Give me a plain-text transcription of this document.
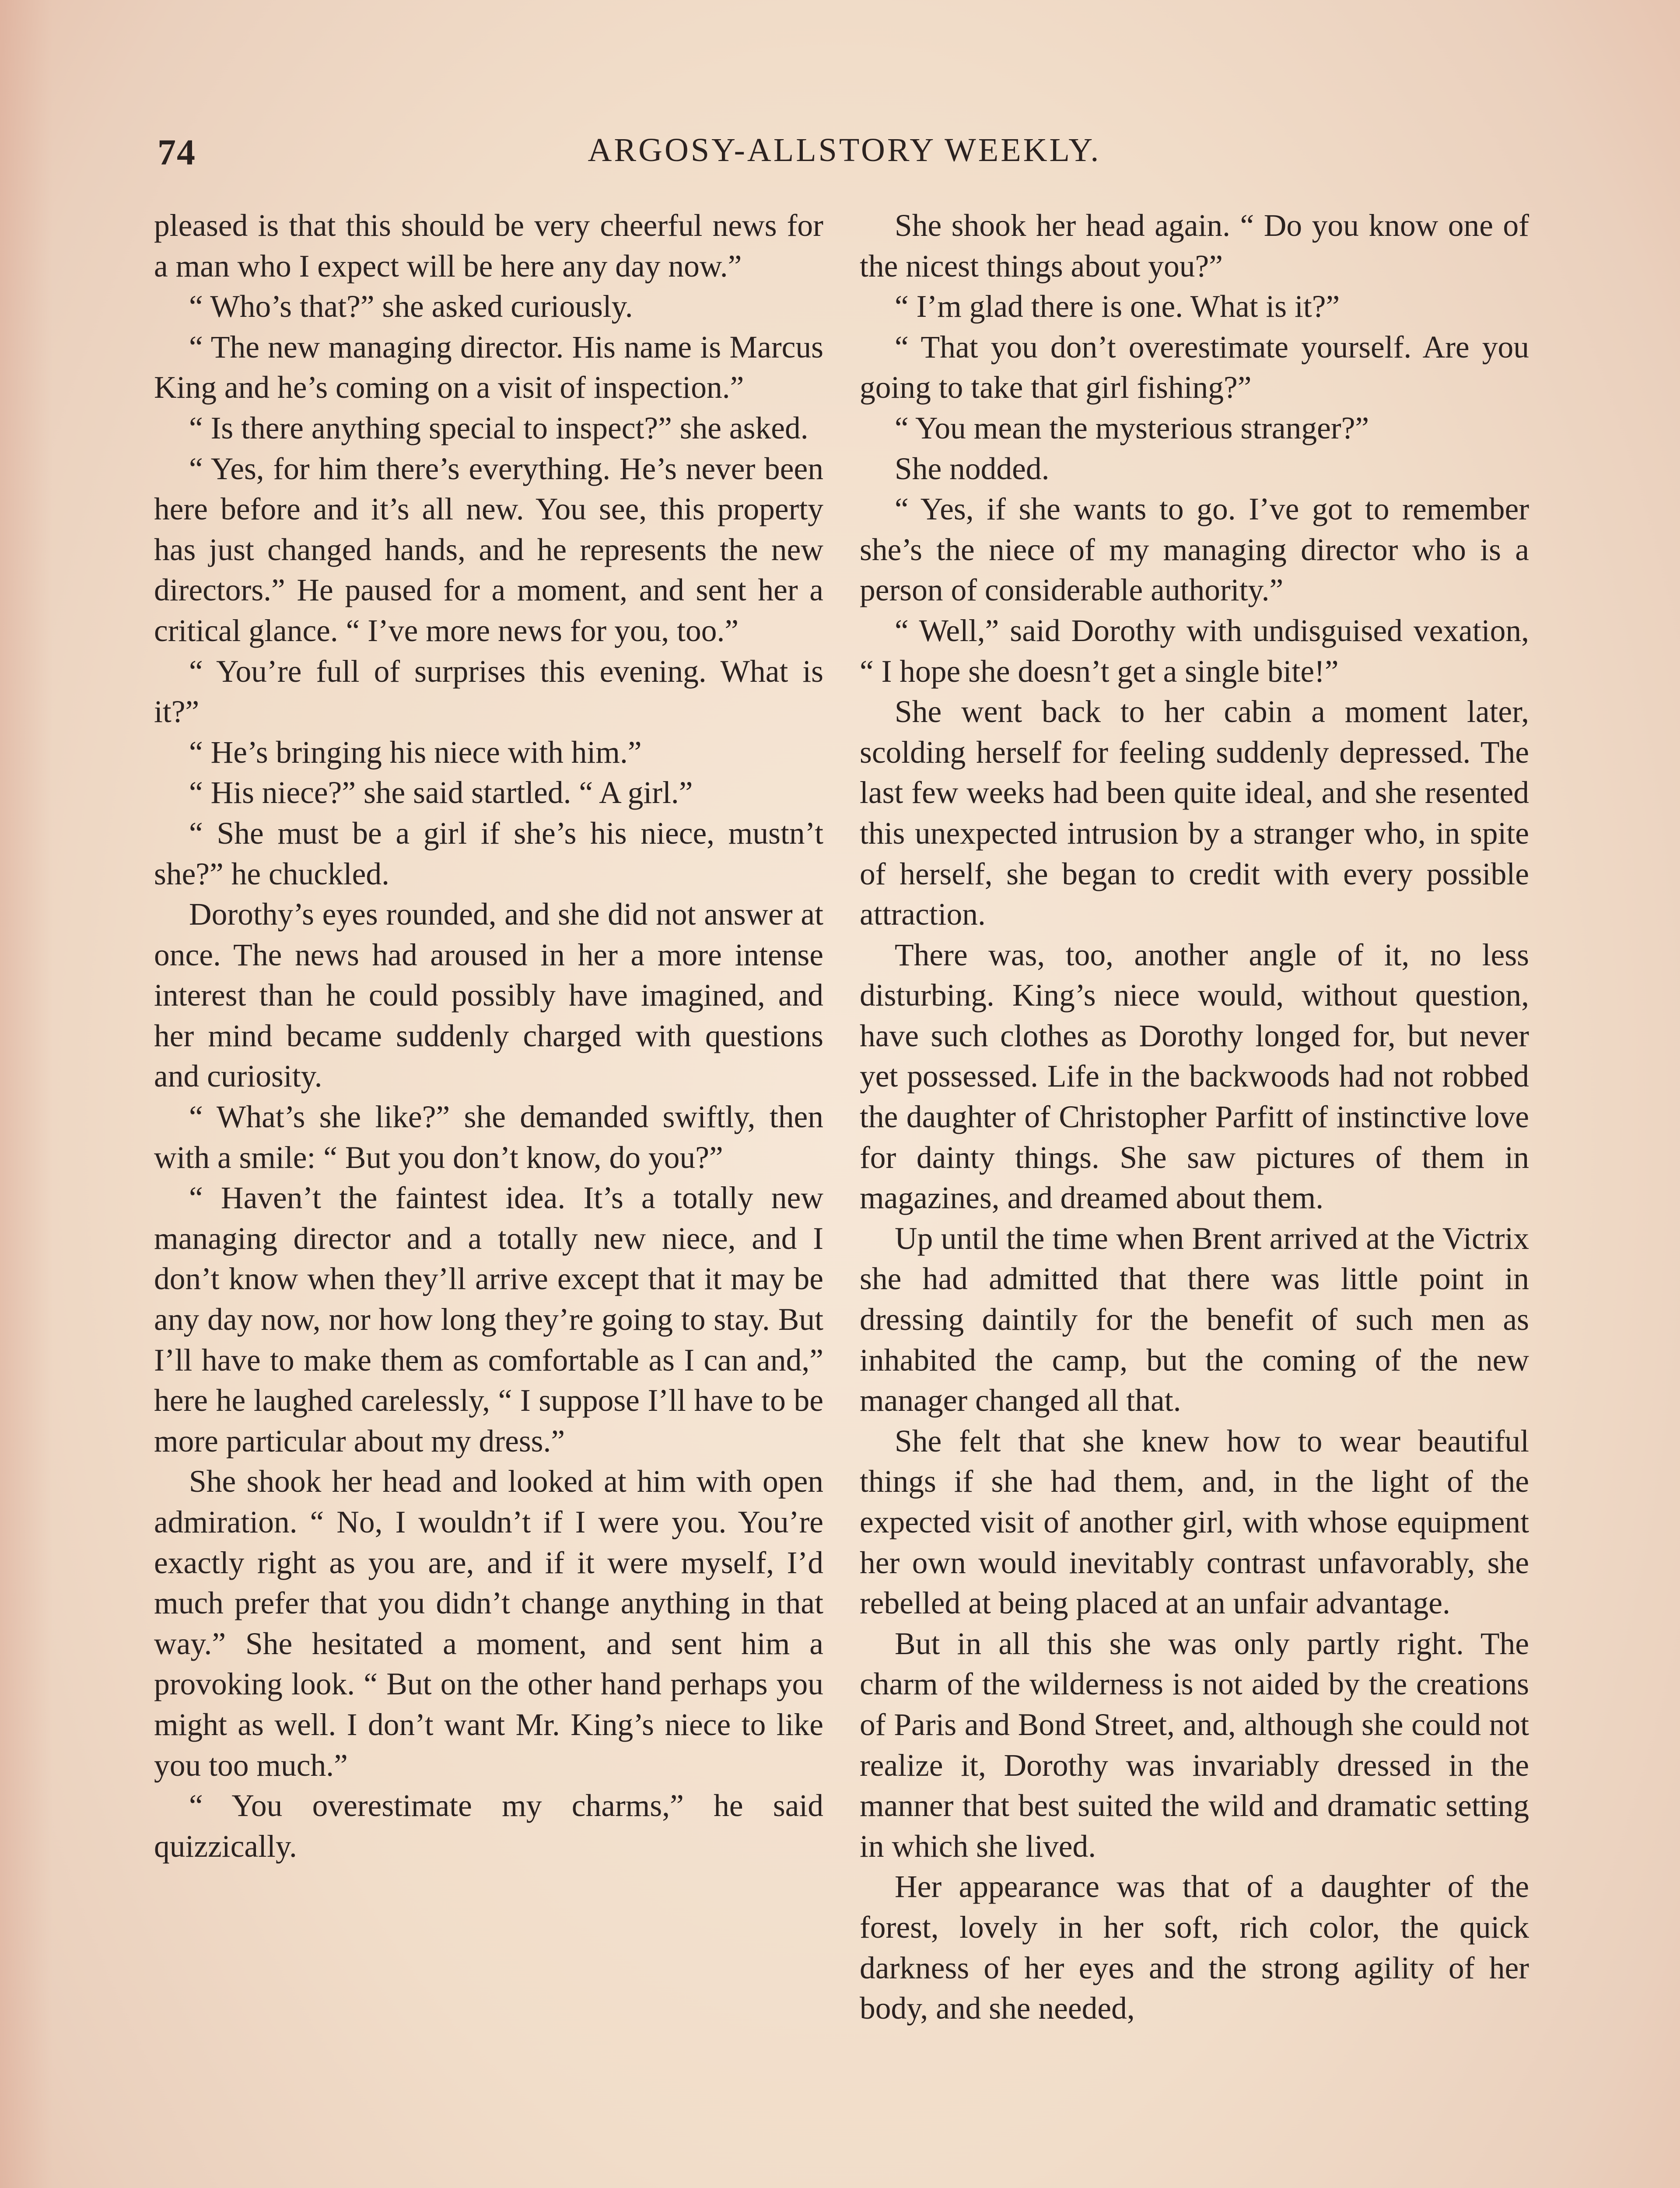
74	ARGOSY-ALLSTORY WEEKLY.

pleased is that this should be very cheerful news for a man who I expect will be here any day now.”

“ Who’s that?” she asked curiously.

“ The new managing director. His name is Marcus King and he’s coming on a visit of inspection.”

“ Is there anything special to inspect?” she asked.

“ Yes, for him there’s everything. He’s never been here before and it’s all new. You see, this property has just changed hands, and he represents the new directors.” He paused for a moment, and sent her a critical glance. “ I’ve more news for you, too.”

“ You’re full of surprises this evening. What is it?”

“ He’s bringing his niece with him.”

“ His niece?” she said startled. “ A girl.”

“ She must be a girl if she’s his niece, mustn’t she?” he chuckled.

Dorothy’s eyes rounded, and she did not answer at once. The news had aroused in her a more intense interest than he could possibly have imagined, and her mind became suddenly charged with questions and curiosity.

“ What’s she like?” she demanded swiftly, then with a smile: “ But you don’t know, do you?”

“ Haven’t the faintest idea. It’s a totally new managing director and a totally new niece, and I don’t know when they’ll arrive except that it may be any day now, nor how long they’re going to stay. But I’ll have to make them as comfortable as I can and,” here he laughed carelessly, “ I suppose I’ll have to be more particular about my dress.”

She shook her head and looked at him with open admiration. “ No, I wouldn’t if I were you. You’re exactly right as you are, and if it were myself, I’d much prefer that you didn’t change anything in that way.” She hesitated a moment, and sent him a provoking look. “ But on the other hand perhaps you might as well. I don’t want Mr. King’s niece to like you too much.”

“ You overestimate my charms,” he said quizzically.

She shook her head again. “ Do you know one of the nicest things about you?”

“ I’m glad there is one. What is it?”

“ That you don’t overestimate yourself. Are you going to take that girl fishing?”

“ You mean the mysterious stranger?”

She nodded.

“ Yes, if she wants to go. I’ve got to remember she’s the niece of my managing director who is a person of considerable authority.”

“ Well,” said Dorothy with undisguised vexation, “ I hope she doesn’t get a single bite!”

She went back to her cabin a moment later, scolding herself for feeling suddenly depressed. The last few weeks had been quite ideal, and she resented this unexpected intrusion by a stranger who, in spite of herself, she began to credit with every possible attraction.

There was, too, another angle of it, no less disturbing. King’s niece would, without question, have such clothes as Dorothy longed for, but never yet possessed. Life in the backwoods had not robbed the daughter of Christopher Parfitt of instinctive love for dainty things. She saw pictures of them in magazines, and dreamed about them.

Up until the time when Brent arrived at the Victrix she had admitted that there was little point in dressing daintily for the benefit of such men as inhabited the camp, but the coming of the new manager changed all that.

She felt that she knew how to wear beautiful things if she had them, and, in the light of the expected visit of another girl, with whose equipment her own would inevitably contrast unfavorably, she rebelled at being placed at an unfair advantage.

But in all this she was only partly right. The charm of the wilderness is not aided by the creations of Paris and Bond Street, and, although she could not realize it, Dorothy was invariably dressed in the manner that best suited the wild and dramatic setting in which she lived.

Her appearance was that of a daughter of the forest, lovely in her soft, rich color, the quick darkness of her eyes and the strong agility of her body, and she needed,
